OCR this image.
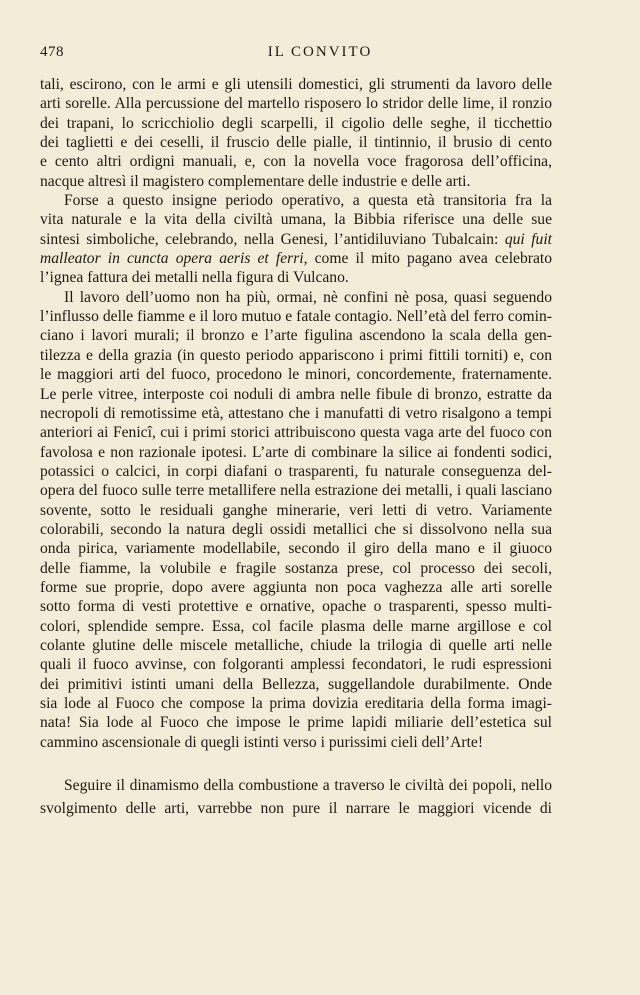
478	IL CONVITO

tali, escirono, con le armi e gli utensili domestici, gli strumenti da lavoro delle
arti sorelle. Alla percussione del martello risposero lo stridor delle lime, il ronzio
dei trapani, lo scricchiolio degli scarpelli, il cigolio delle seghe, il ticchettio
dei taglietti e dei ceselli, il fruscio delle pialle, il tintinnio, il brusio di cento
e cento altri ordigni manuali, e, con la novella voce fragorosa dell’officina,
nacque altresì il magistero complementare delle industrie e delle arti.

Forse a questo insigne periodo operativo, a questa età transitoria fra la
vita naturale e la vita della civiltà umana, la Bibbia riferisce una delle sue
sintesi simboliche, celebrando, nella Genesi, l’antidiluviano Tubalcain: qui fuit
malleator in cuncta opera aeris et ferri, come il mito pagano avea celebrato
l’ignea fattura dei metalli nella figura di Vulcano.

Il lavoro dell’uomo non ha più, ormai, nè confini nè posa, quasi seguendo
l’influsso delle fiamme e il loro mutuo e fatale contagio. Nell’età del ferro comin-
ciano i lavori murali; il bronzo e l’arte figulina ascendono la scala della gen-
tilezza e della grazia (in questo periodo appariscono i primi fittili torniti) e, con
le maggiori arti del fuoco, procedono le minori, concordemente, fraternamente.
Le perle vitree, interposte coi noduli di ambra nelle fibule di bronzo, estratte da
necropoli di remotissime età, attestano che i manufatti di vetro risalgono a tempi
anteriori ai Fenicî, cui i primi storici attribuiscono questa vaga arte del fuoco con
favolosa e non razionale ipotesi. L’arte di combinare la silice ai fondenti sodici,
potassici o calcici, in corpi diafani o trasparenti, fu naturale conseguenza del-
opera del fuoco sulle terre metallifere nella estrazione dei metalli, i quali lasciano
sovente, sotto le residuali ganghe minerarie, veri letti di vetro. Variamente
colorabili, secondo la natura degli ossidi metallici che si dissolvono nella sua
onda pirica, variamente modellabile, secondo il giro della mano e il giuoco
delle fiamme, la volubile e fragile sostanza prese, col processo dei secoli,
forme sue proprie, dopo avere aggiunta non poca vaghezza alle arti sorelle
sotto forma di vesti protettive e ornative, opache o trasparenti, spesso multi-
colori, splendide sempre. Essa, col facile plasma delle marne argillose e col
colante glutine delle miscele metalliche, chiude la trilogia di quelle arti nelle
quali il fuoco avvinse, con folgoranti amplessi fecondatori, le rudi espressioni
dei primitivi istinti umani della Bellezza, suggellandole durabilmente. Onde
sia lode al Fuoco che compose la prima dovizia ereditaria della forma imagi-
nata! Sia lode al Fuoco che impose le prime lapidi miliarie dell’estetica sul
cammino ascensionale di quegli istinti verso i purissimi cieli dell’Arte!

Seguire il dinamismo della combustione a traverso le civiltà dei popoli, nello
svolgimento delle arti, varrebbe non pure il narrare le maggiori vicende di
